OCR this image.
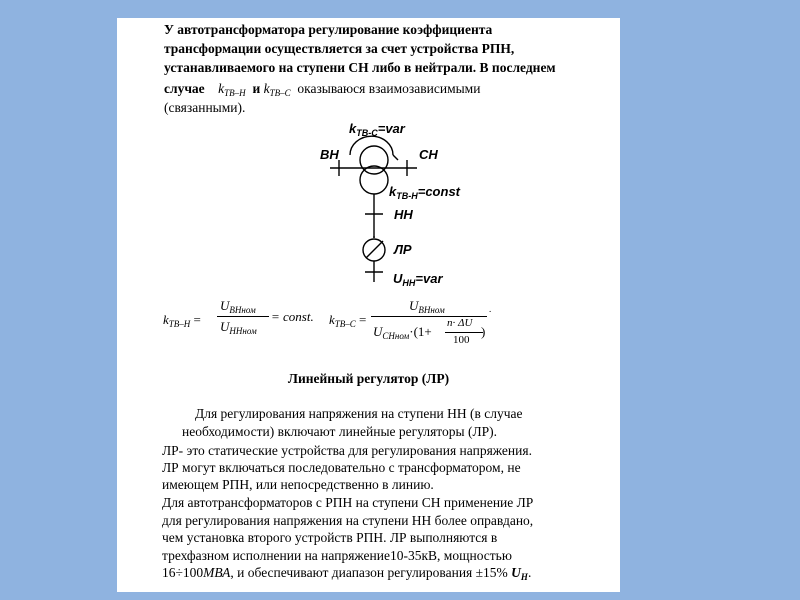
У автотрансформатора регулирование коэффициента
трансформации осуществляется за счет устройства РПН,
устанавливаемого на ступени СН либо в нейтрали. В последнем
случае $k_{ТВ-Н}$ и $k_{ТВ-С}$ оказываюся взаимозависимыми
(связанными).
$k_{ТВ-С}=var$
ВН	СН
$k_{ТВ-Н}=const$
НН
ЛР
$U_{НН}=var$
$k_{ТВ-Н}$ =
$U_{ВНном}$
$U_{ННном}$
= const. $k_{ТВ-С}$ =
$U_{ВНном}$
$U_{СНном}\cdot(1+$
n· ΔU
100
)
.
Линейный регулятор (ЛР)
Для регулирования напряжения на ступени НН (в случае
необходимости) включают линейные регуляторы (ЛР).
ЛР- это статические устройства для регулирования напряжения.
ЛР могут включаться последовательно с трансформатором, не
имеющем РПН, или непосредственно в линию.
Для автотрансформаторов с РПН на ступени СН применение ЛР
для регулирования напряжения на ступени НН более оправдано,
чем установка второго устройств РПН. ЛР выполняются в
трехфазном исполнении на напряжение10-35кВ, мощностью
16÷100МВА, и обеспечивают диапазон регулирования ±15% $U_Н$.
